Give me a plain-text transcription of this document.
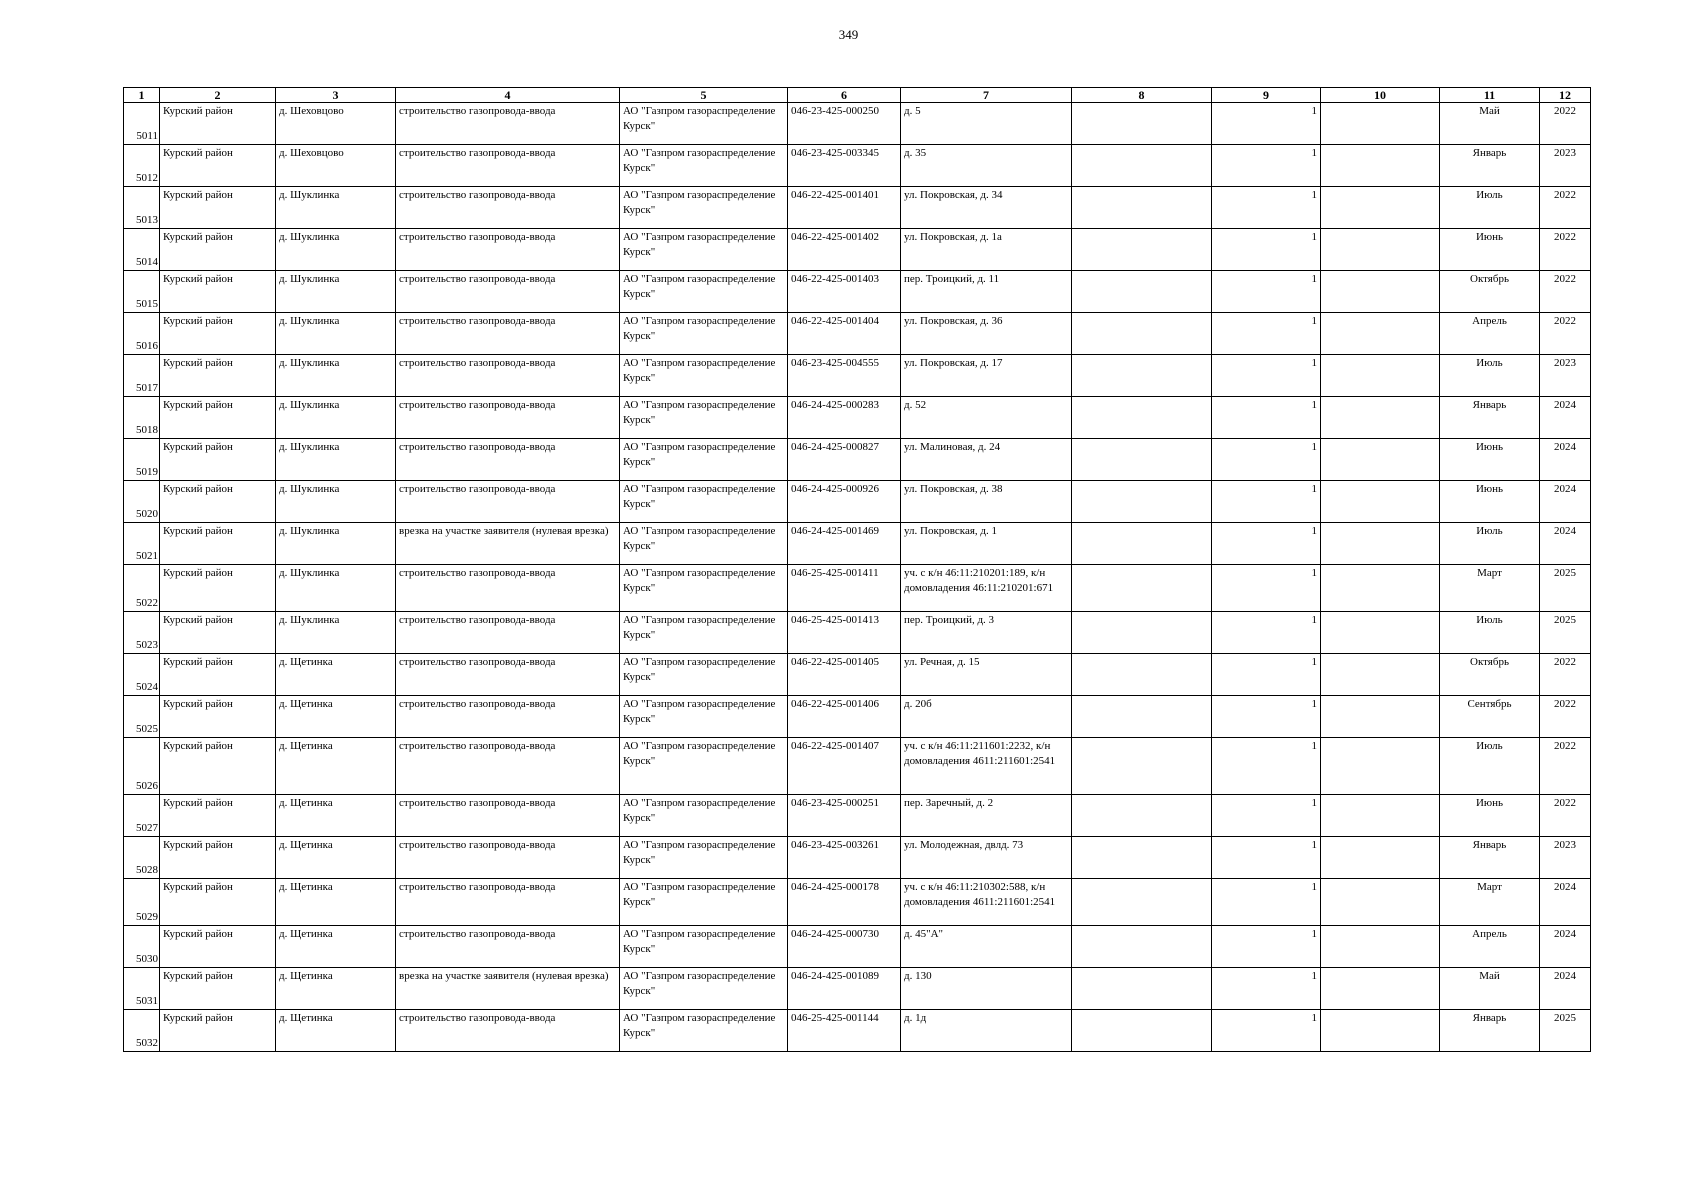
349
1	2	3	4	5	6	7	8	9	10	11	12
5011	Курский район	д. Шеховцово	строительство газопровода-ввода	АО "Газпром газораспределение Курск"	046-23-425-000250	д. 5		1		Май	2022
5012	Курский район	д. Шеховцово	строительство газопровода-ввода	АО "Газпром газораспределение Курск"	046-23-425-003345	д. 35		1		Январь	2023
5013	Курский район	д. Шуклинка	строительство газопровода-ввода	АО "Газпром газораспределение Курск"	046-22-425-001401	ул. Покровская, д. 34		1		Июль	2022
5014	Курский район	д. Шуклинка	строительство газопровода-ввода	АО "Газпром газораспределение Курск"	046-22-425-001402	ул. Покровская, д. 1а		1		Июнь	2022
5015	Курский район	д. Шуклинка	строительство газопровода-ввода	АО "Газпром газораспределение Курск"	046-22-425-001403	пер. Троицкий, д. 11		1		Октябрь	2022
5016	Курский район	д. Шуклинка	строительство газопровода-ввода	АО "Газпром газораспределение Курск"	046-22-425-001404	ул. Покровская, д. 36		1		Апрель	2022
5017	Курский район	д. Шуклинка	строительство газопровода-ввода	АО "Газпром газораспределение Курск"	046-23-425-004555	ул. Покровская, д. 17		1		Июль	2023
5018	Курский район	д. Шуклинка	строительство газопровода-ввода	АО "Газпром газораспределение Курск"	046-24-425-000283	д. 52		1		Январь	2024
5019	Курский район	д. Шуклинка	строительство газопровода-ввода	АО "Газпром газораспределение Курск"	046-24-425-000827	ул. Малиновая, д. 24		1		Июнь	2024
5020	Курский район	д. Шуклинка	строительство газопровода-ввода	АО "Газпром газораспределение Курск"	046-24-425-000926	ул. Покровская, д. 38		1		Июнь	2024
5021	Курский район	д. Шуклинка	врезка на участке заявителя (нулевая врезка)	АО "Газпром газораспределение Курск"	046-24-425-001469	ул. Покровская, д. 1		1		Июль	2024
5022	Курский район	д. Шуклинка	строительство газопровода-ввода	АО "Газпром газораспределение Курск"	046-25-425-001411	уч. с к/н 46:11:210201:189, к/н домовладения 46:11:210201:671		1		Март	2025
5023	Курский район	д. Шуклинка	строительство газопровода-ввода	АО "Газпром газораспределение Курск"	046-25-425-001413	пер. Троицкий, д. 3		1		Июль	2025
5024	Курский район	д. Щетинка	строительство газопровода-ввода	АО "Газпром газораспределение Курск"	046-22-425-001405	ул. Речная, д. 15		1		Октябрь	2022
5025	Курский район	д. Щетинка	строительство газопровода-ввода	АО "Газпром газораспределение Курск"	046-22-425-001406	д. 20б		1		Сентябрь	2022
5026	Курский район	д. Щетинка	строительство газопровода-ввода	АО "Газпром газораспределение Курск"	046-22-425-001407	уч. с к/н 46:11:211601:2232, к/н домовладения 4611:211601:2541		1		Июль	2022
5027	Курский район	д. Щетинка	строительство газопровода-ввода	АО "Газпром газораспределение Курск"	046-23-425-000251	пер. Заречный, д. 2		1		Июнь	2022
5028	Курский район	д. Щетинка	строительство газопровода-ввода	АО "Газпром газораспределение Курск"	046-23-425-003261	ул. Молодежная, двлд. 73		1		Январь	2023
5029	Курский район	д. Щетинка	строительство газопровода-ввода	АО "Газпром газораспределение Курск"	046-24-425-000178	уч. с к/н 46:11:210302:588, к/н домовладения 4611:211601:2541		1		Март	2024
5030	Курский район	д. Щетинка	строительство газопровода-ввода	АО "Газпром газораспределение Курск"	046-24-425-000730	д. 45"А"		1		Апрель	2024
5031	Курский район	д. Щетинка	врезка на участке заявителя (нулевая врезка)	АО "Газпром газораспределение Курск"	046-24-425-001089	д. 130		1		Май	2024
5032	Курский район	д. Щетинка	строительство газопровода-ввода	АО "Газпром газораспределение Курск"	046-25-425-001144	д. 1д		1		Январь	2025
